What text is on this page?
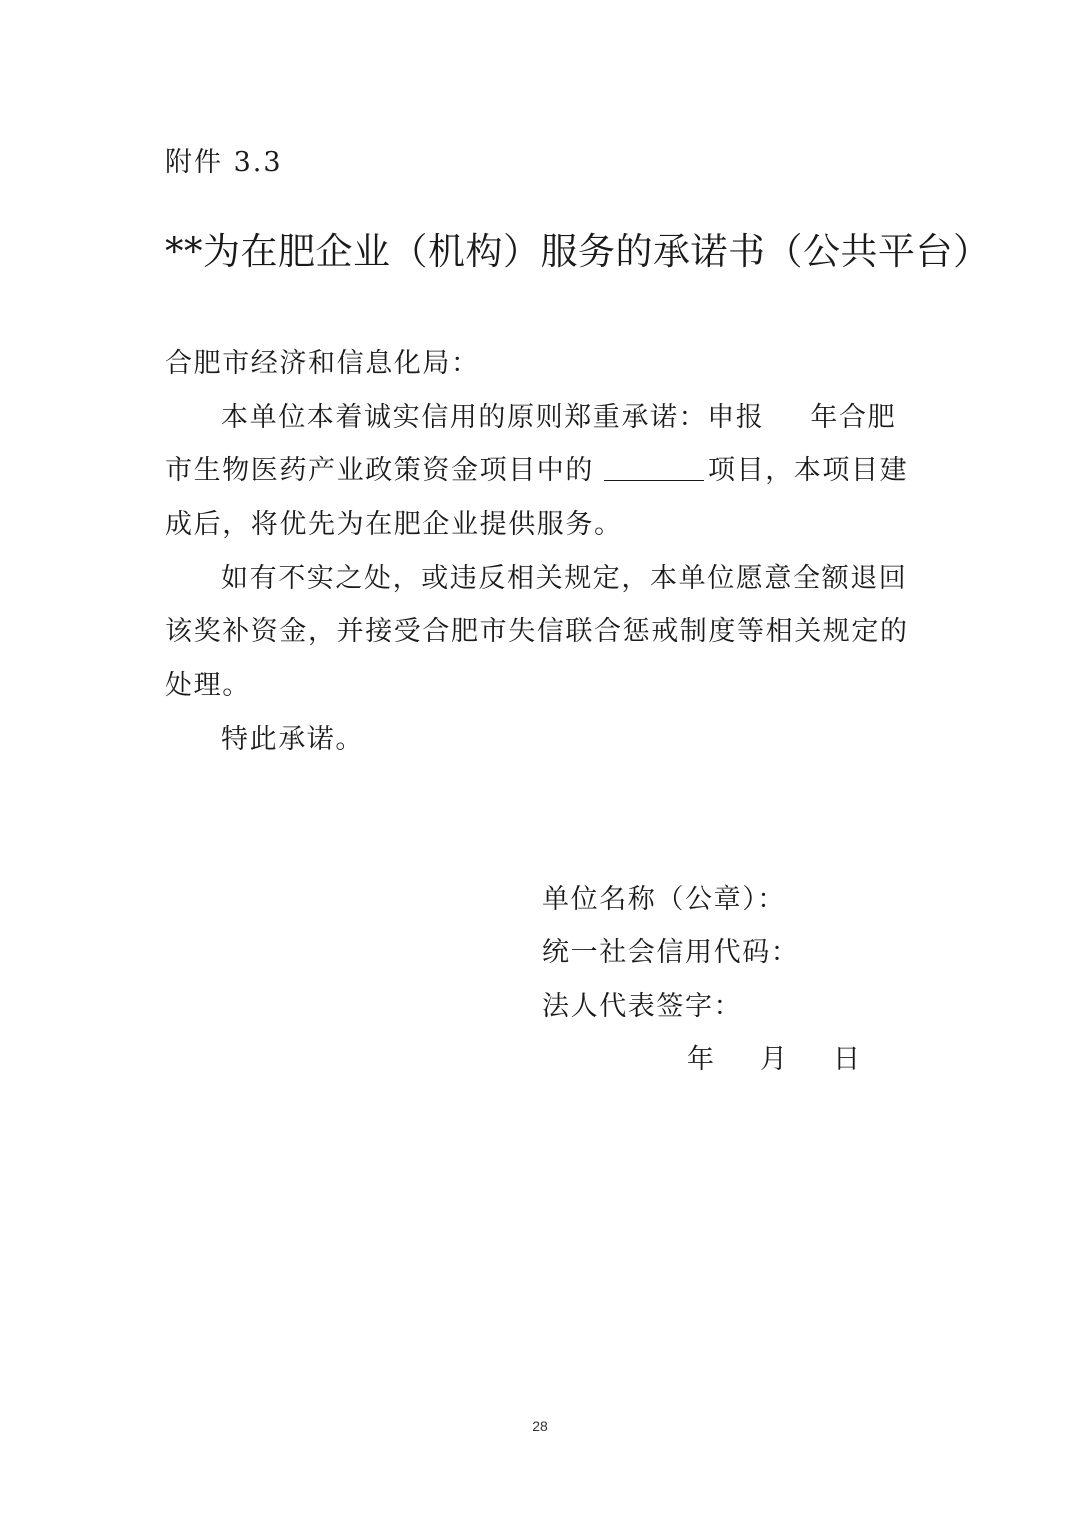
附件 3.3
**为在肥企业（机构）服务的承诺书（公共平台）
合肥市经济和信息化局：
本单位本着诚实信用的原则郑重承诺：申报 年合肥
市生物医药产业政策资金项目中的	项目，本项目建
成后，将优先为在肥企业提供服务。
如有不实之处，或违反相关规定，本单位愿意全额退回
该奖补资金，并接受合肥市失信联合惩戒制度等相关规定的
处理。
特此承诺。
单位名称（公章）：
统一社会信用代码：
法人代表签字：
年 月 日
28
